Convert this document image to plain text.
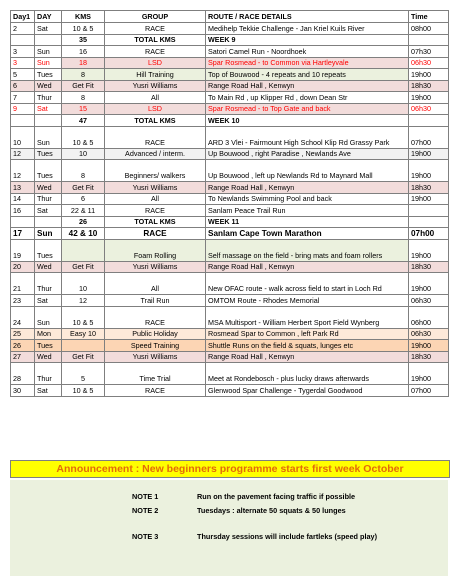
Day1	DAY	KMS	GROUP	ROUTE / RACE DETAILS	Time
2	Sat	10 & 5	RACE	Medihelp Tekkie Challenge - Jan Kriel Kuils River	08h00
		35	TOTAL KMS	WEEK 9	
3	Sun	16	RACE	Satori Camel Run - Noordhoek	07h30
3	Sun	18	LSD	Spar Rosmead - to Common via Hartleyvale	06h30
5	Tues	8	Hill Training	Top of Bouwood - 4 repeats and 10 repeats	19h00
6	Wed	Get Fit	Yusri Williams	Range Road Hall , Kenwyn	18h30
7	Thur	8	All	To Main Rd , up Klipper Rd , down Dean Str	19h00
9	Sat	15	LSD	Spar Rosmead - to Top Gate and back	06h30
		47	TOTAL KMS	WEEK 10	
10	Sun	10 & 5	RACE	ARD 3 Vlei - Fairmount High School Klip Rd Grassy Park	07h00
12	Tues	10	Advanced / interm.	Up Bouwood , right Paradise , Newlands Ave	19h00
12	Tues	8	Beginners/ walkers	Up Bouwood , left up Newlands Rd to Maynard Mall	19h00
13	Wed	Get Fit	Yusri Williams	Range Road Hall , Kenwyn	18h30
14	Thur	6	All	To Newlands Swimming Pool and back	19h00
16	Sat	22 & 11	RACE	Sanlam Peace Trail Run	
		26	TOTAL KMS	WEEK 11	
17	Sun	42 & 10	RACE	Sanlam Cape Town Marathon	07h00
19	Tues		Foam Rolling	Self massage on the field - bring mats and foam rollers	19h00
20	Wed	Get Fit	Yusri Williams	Range Road Hall , Kenwyn	18h30
21	Thur	10	All	New OFAC route - walk across field to start in Loch Rd	19h00
23	Sat	12	Trail Run	OMTOM Route - Rhodes Memorial	06h30
24	Sun	10 & 5	RACE	MSA Multisport - William Herbert Sport Field Wynberg	06h00
25	Mon	Easy 10	Public Holiday	Rosmead Spar to Common , left Park Rd	06h30
26	Tues		Speed Training	Shuttle Runs on the field & squats, lunges etc	19h00
27	Wed	Get Fit	Yusri Williams	Range Road Hall , Kenwyn	18h30
28	Thur	5	Time Trial	Meet at Rondebosch - plus lucky draws afterwards	19h00
30	Sat	10 & 5	RACE	Glenwood Spar Challenge - Tygerdal Goodwood	07h00
Announcement : New beginners programme starts first week October
NOTE 1	Run on the pavement facing traffic if possible
NOTE 2	Tuesdays : alternate 50 squats & 50 lunges
NOTE 3	Thursday sessions will include fartleks (speed play)
